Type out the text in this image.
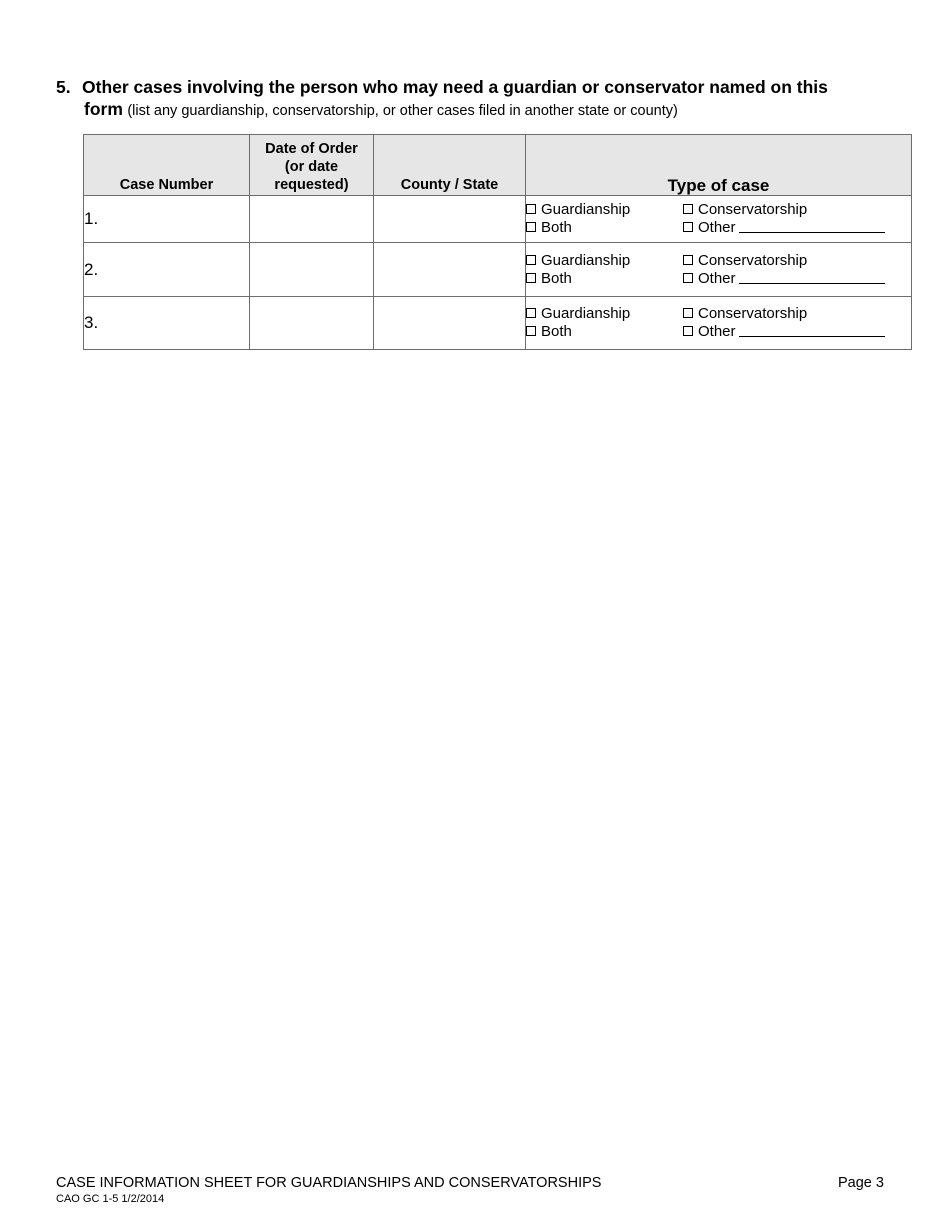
5. Other cases involving the person who may need a guardian or conservator named on this
form (list any guardianship, conservatorship, or other cases filed in another state or county)
Case Number	Date of Order
(or date
requested)	County / State	Type of case
1.			Guardianship Conservatorship
Both Other

2.			Guardianship Conservatorship
Both Other

3.			Guardianship Conservatorship
Both Other
CASE INFORMATION SHEET FOR GUARDIANSHIPS AND CONSERVATORSHIPS	Page 3
CAO GC 1-5 1/2/2014
